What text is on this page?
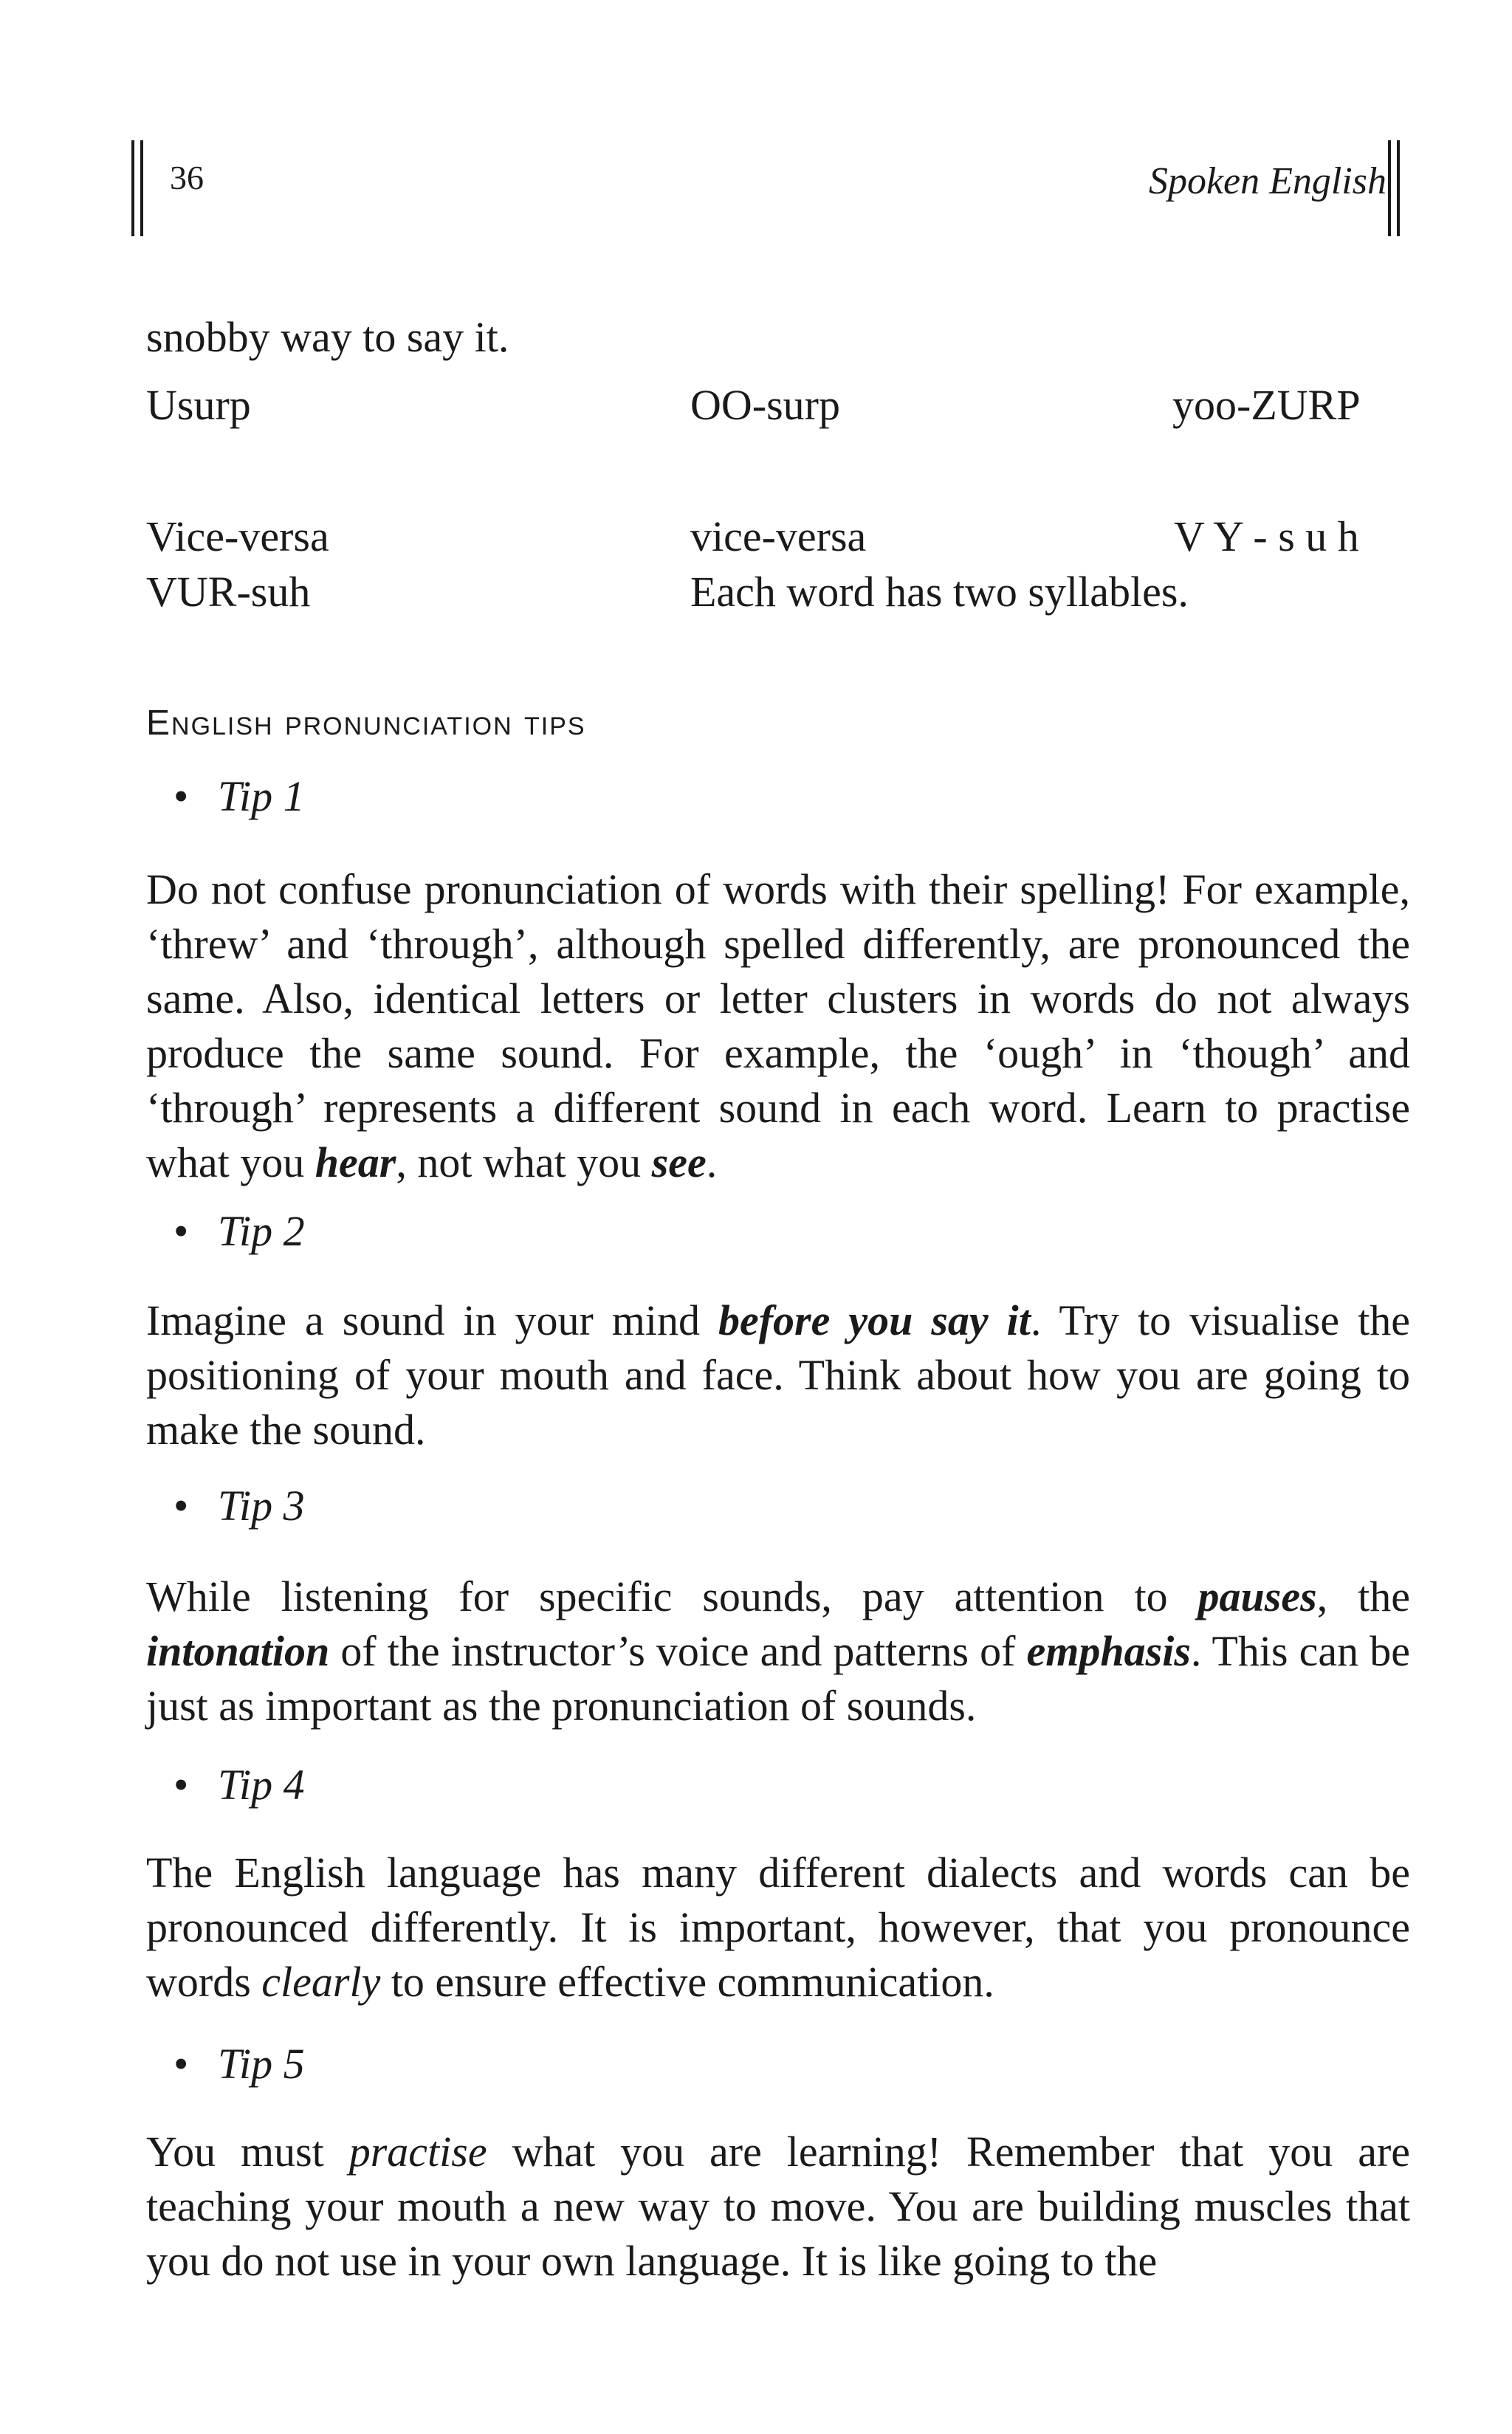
36	Spoken English
snobby way to say it.
Usurp	OO-surp	yoo-ZURP
Vice-versa	vice-versa	V Y - s u h
VUR-suh	Each word has two syllables.
English pronunciation tips
• Tip 1
Do not confuse pronunciation of words with their spelling! For example, ‘threw’ and ‘through’, although spelled differently, are pronounced the same. Also, identical letters or letter clusters in words do not always produce the same sound. For example, the ‘ough’ in ‘though’ and ‘through’ represents a different sound in each word. Learn to practise what you hear, not what you see.
• Tip 2
Imagine a sound in your mind before you say it. Try to visualise the positioning of your mouth and face. Think about how you are going to make the sound.
• Tip 3
While listening for specific sounds, pay attention to pauses, the intonation of the instructor’s voice and patterns of emphasis. This can be just as important as the pronunciation of sounds.
• Tip 4
The English language has many different dialects and words can be pronounced differently. It is important, however, that you pronounce words clearly to ensure effective communication.
• Tip 5
You must practise what you are learning! Remember that you are teaching your mouth a new way to move. You are building muscles that you do not use in your own language. It is like going to the
